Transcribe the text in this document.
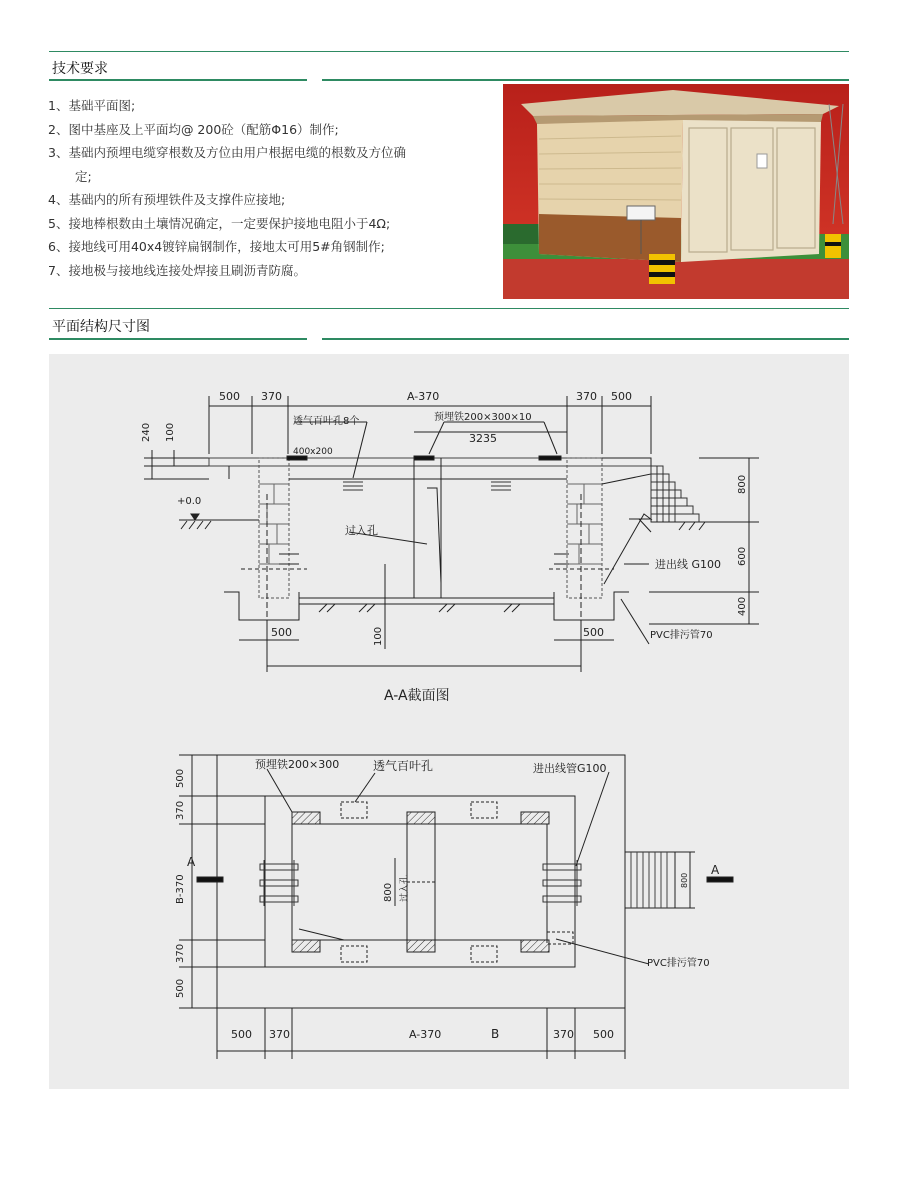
技术要求
1、基础平面图;
2、图中基座及上平面均@ 200砼（配筋Φ16）制作;
3、基础内预埋电缆穿根数及方位由用户根据电缆的根数及方位确
定;
4、基础内的所有预埋铁件及支撑件应接地;
5、接地棒根数由土壤情况确定，一定要保护接地电阻小于4Ω;
6、接地线可用40x4镀锌扁钢制作，接地太可用5#角钢制作;
7、接地极与接地线连接处焊接且刷沥青防腐。
平面结构尺寸图
500 370	A-370	370 500
透气百叶孔8个	预埋铁200×300×10
3235
400x200
240 100
+0.0
过入孔
进出线 G100
800
600
400
500	500
100	PVC排污管70
A-A截面图
预埋铁200×300	透气百叶孔	进出线管G100
A
A
800 过入孔	800
PVC排污管70
500
370
B-370
370
500
500 370	A-370	B	370 500
